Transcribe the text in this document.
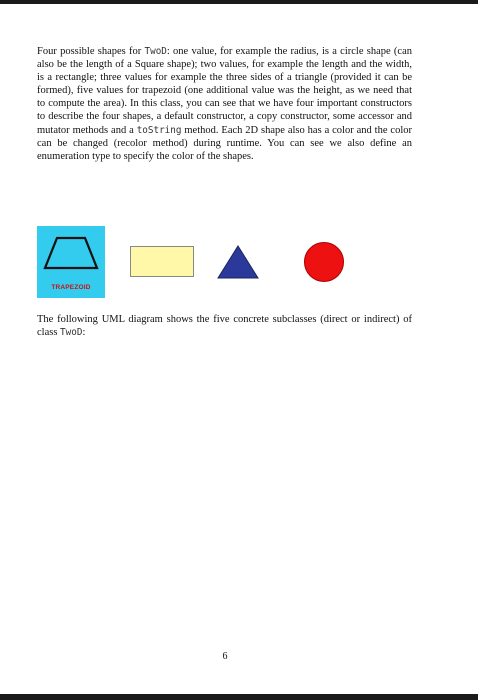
Four possible shapes for TwoD: one value, for example the radius, is a circle shape (can also be the length of a Square shape); two values, for example the length and the width, is a rectangle; three values for example the three sides of a triangle (provided it can be formed), five values for trapezoid (one additional value was the height, as we need that to compute the area). In this class, you can see that we have four important constructors to describe the four shapes, a default constructor, a copy constructor, some accessor and mutator methods and a toString method. Each 2D shape also has a color and the color can be changed (recolor method) during runtime. You can see we also define an enumeration type to specify the color of the shapes.

TRAPEZOID

The following UML diagram shows the five concrete subclasses (direct or indirect) of class TwoD:

6
